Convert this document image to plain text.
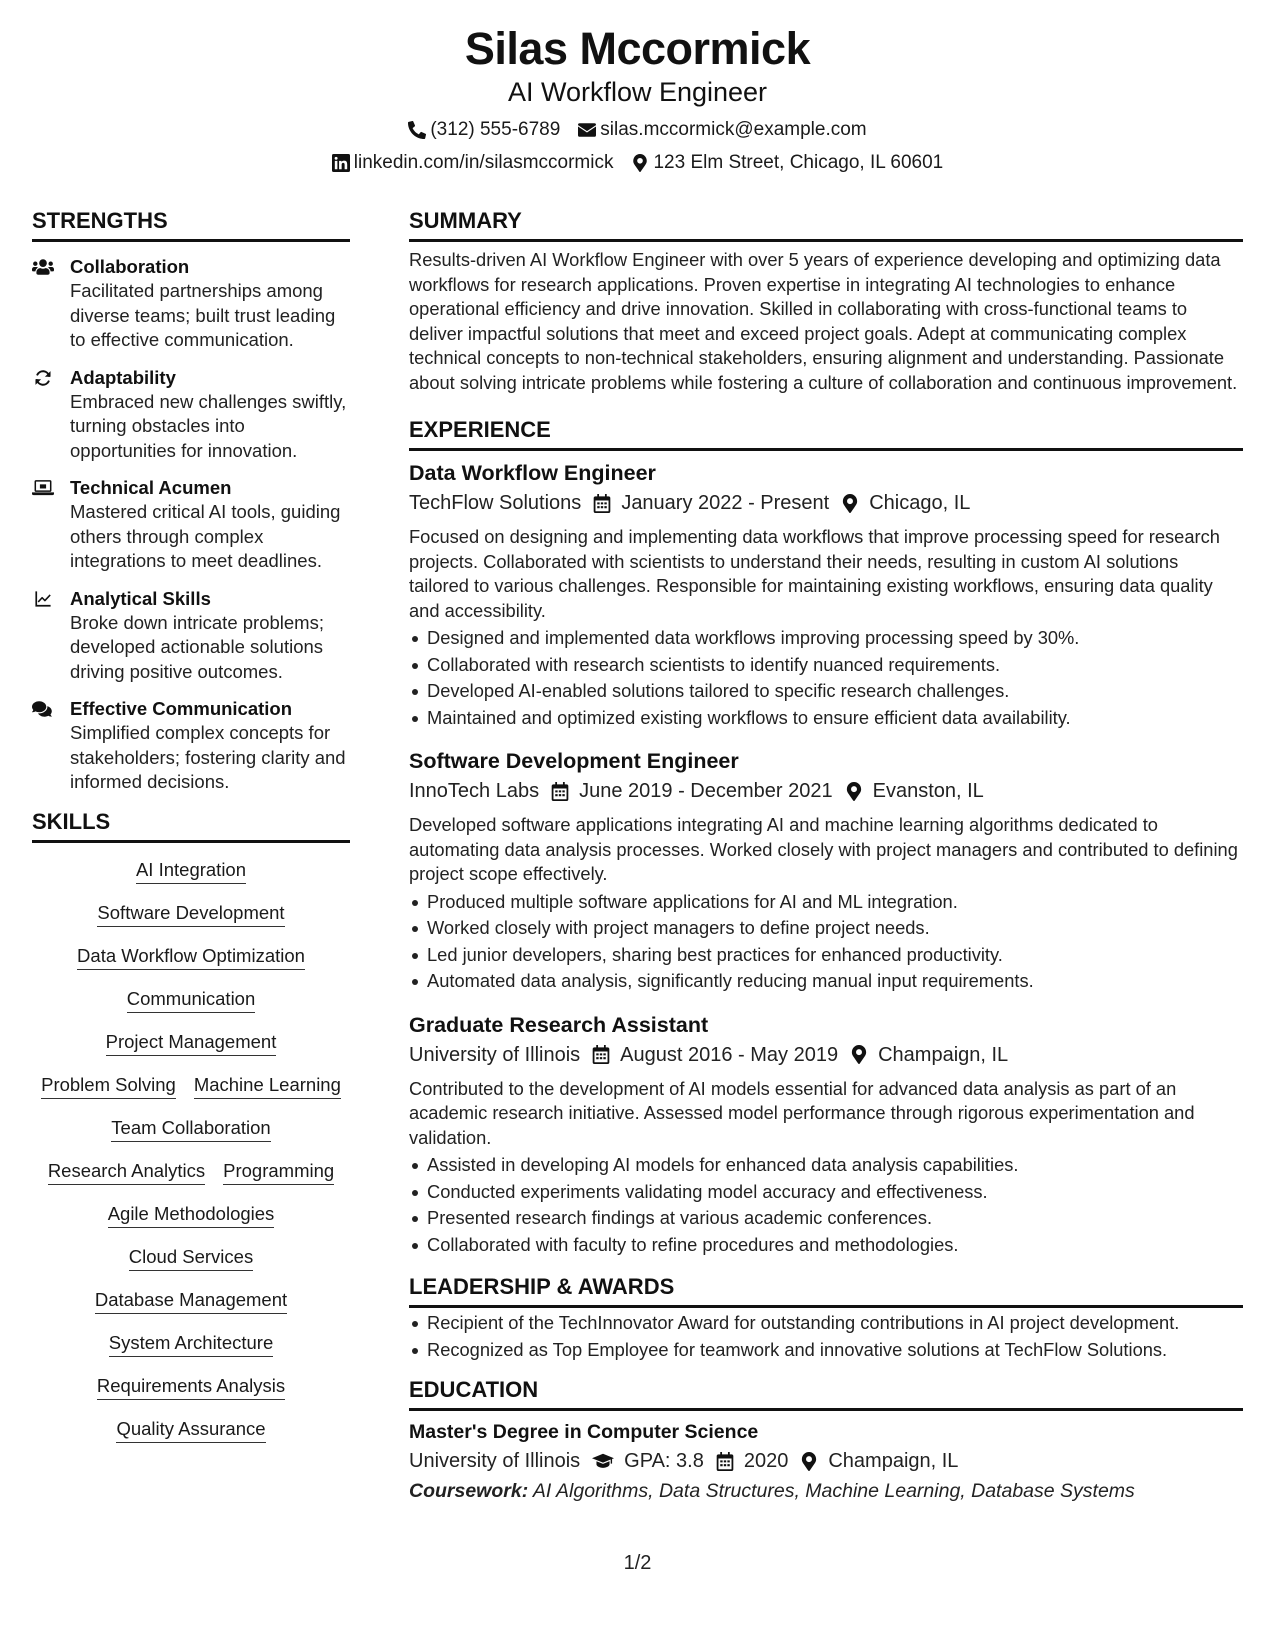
Silas Mccormick
AI Workflow Engineer
(312) 555-6789 silas.mccormick@example.com
linkedin.com/in/silasmccormick 123 Elm Street, Chicago, IL 60601
STRENGTHS
Collaboration
Facilitated partnerships among diverse teams; built trust leading to effective communication.
Adaptability
Embraced new challenges swiftly, turning obstacles into opportunities for innovation.
Technical Acumen
Mastered critical AI tools, guiding others through complex integrations to meet deadlines.
Analytical Skills
Broke down intricate problems; developed actionable solutions driving positive outcomes.
Effective Communication
Simplified complex concepts for stakeholders; fostering clarity and informed decisions.
SKILLS
AI Integration
Software Development
Data Workflow Optimization
Communication
Project Management
Problem Solving Machine Learning
Team Collaboration
Research Analytics Programming
Agile Methodologies
Cloud Services
Database Management
System Architecture
Requirements Analysis
Quality Assurance
SUMMARY
Results-driven AI Workflow Engineer with over 5 years of experience developing and optimizing data workflows for research applications. Proven expertise in integrating AI technologies to enhance operational efficiency and drive innovation. Skilled in collaborating with cross-functional teams to deliver impactful solutions that meet and exceed project goals. Adept at communicating complex technical concepts to non-technical stakeholders, ensuring alignment and understanding. Passionate about solving intricate problems while fostering a culture of collaboration and continuous improvement.
EXPERIENCE
Data Workflow Engineer
TechFlow Solutions January 2022 - Present Chicago, IL
Focused on designing and implementing data workflows that improve processing speed for research projects. Collaborated with scientists to understand their needs, resulting in custom AI solutions tailored to various challenges. Responsible for maintaining existing workflows, ensuring data quality and accessibility.
Designed and implemented data workflows improving processing speed by 30%.
Collaborated with research scientists to identify nuanced requirements.
Developed AI-enabled solutions tailored to specific research challenges.
Maintained and optimized existing workflows to ensure efficient data availability.
Software Development Engineer
InnoTech Labs June 2019 - December 2021 Evanston, IL
Developed software applications integrating AI and machine learning algorithms dedicated to automating data analysis processes. Worked closely with project managers and contributed to defining project scope effectively.
Produced multiple software applications for AI and ML integration.
Worked closely with project managers to define project needs.
Led junior developers, sharing best practices for enhanced productivity.
Automated data analysis, significantly reducing manual input requirements.
Graduate Research Assistant
University of Illinois August 2016 - May 2019 Champaign, IL
Contributed to the development of AI models essential for advanced data analysis as part of an academic research initiative. Assessed model performance through rigorous experimentation and validation.
Assisted in developing AI models for enhanced data analysis capabilities.
Conducted experiments validating model accuracy and effectiveness.
Presented research findings at various academic conferences.
Collaborated with faculty to refine procedures and methodologies.
LEADERSHIP & AWARDS
Recipient of the TechInnovator Award for outstanding contributions in AI project development.
Recognized as Top Employee for teamwork and innovative solutions at TechFlow Solutions.
EDUCATION
Master's Degree in Computer Science
University of Illinois GPA: 3.8 2020 Champaign, IL
Coursework: AI Algorithms, Data Structures, Machine Learning, Database Systems
1/2
